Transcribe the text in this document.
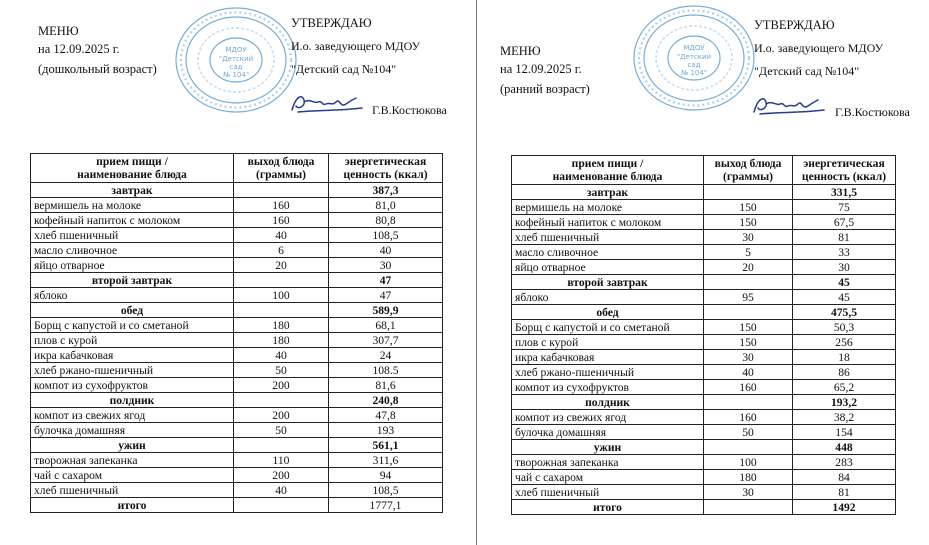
МЕНЮ
на 12.09.2025 г.
(дошкольный возраст)
МДОУ
"Детский
сад
№ 104"
УТВЕРЖДАЮ
И.о. заведующего МДОУ
"Детский сад №104"
Г.В.Костюкова
прием пищи / наименование блюда	выход блюда (граммы)	энергетическая ценность (ккал)
завтрак		387,3
вермишель на молоке	160	81,0
кофейный напиток с молоком	160	80,8
хлеб пшеничный	40	108,5
масло сливочное	6	40
яйцо отварное	20	30
второй завтрак		47
яблоко	100	47
обед		589,9
Борщ с капустой и со сметаной	180	68,1
плов с курой	180	307,7
икра кабачковая	40	24
хлеб ржано-пшеничный	50	108.5
компот из сухофруктов	200	81,6
полдник		240,8
компот из свежих ягод	200	47,8
булочка домашняя	50	193
ужин		561,1
творожная запеканка	110	311,6
чай с сахаром	200	94
хлеб пшеничный	40	108,5
итого		1777,1
МЕНЮ
на 12.09.2025 г.
(ранний возраст)
МДОУ
"Детский
сад
№ 104"
УТВЕРЖДАЮ
И.о. заведующего МДОУ
"Детский сад №104"
Г.В.Костюкова
прием пищи / наименование блюда	выход блюда (граммы)	энергетическая ценность (ккал)
завтрак		331,5
вермишель на молоке	150	75
кофейный напиток с молоком	150	67,5
хлеб пшеничный	30	81
масло сливочное	5	33
яйцо отварное	20	30
второй завтрак		45
яблоко	95	45
обед		475,5
Борщ с капустой и со сметаной	150	50,3
плов с курой	150	256
икра кабачковая	30	18
хлеб ржано-пшеничный	40	86
компот из сухофруктов	160	65,2
полдник		193,2
компот из свежих ягод	160	38,2
булочка домашняя	50	154
ужин		448
творожная запеканка	100	283
чай с сахаром	180	84
хлеб пшеничный	30	81
итого		1492
